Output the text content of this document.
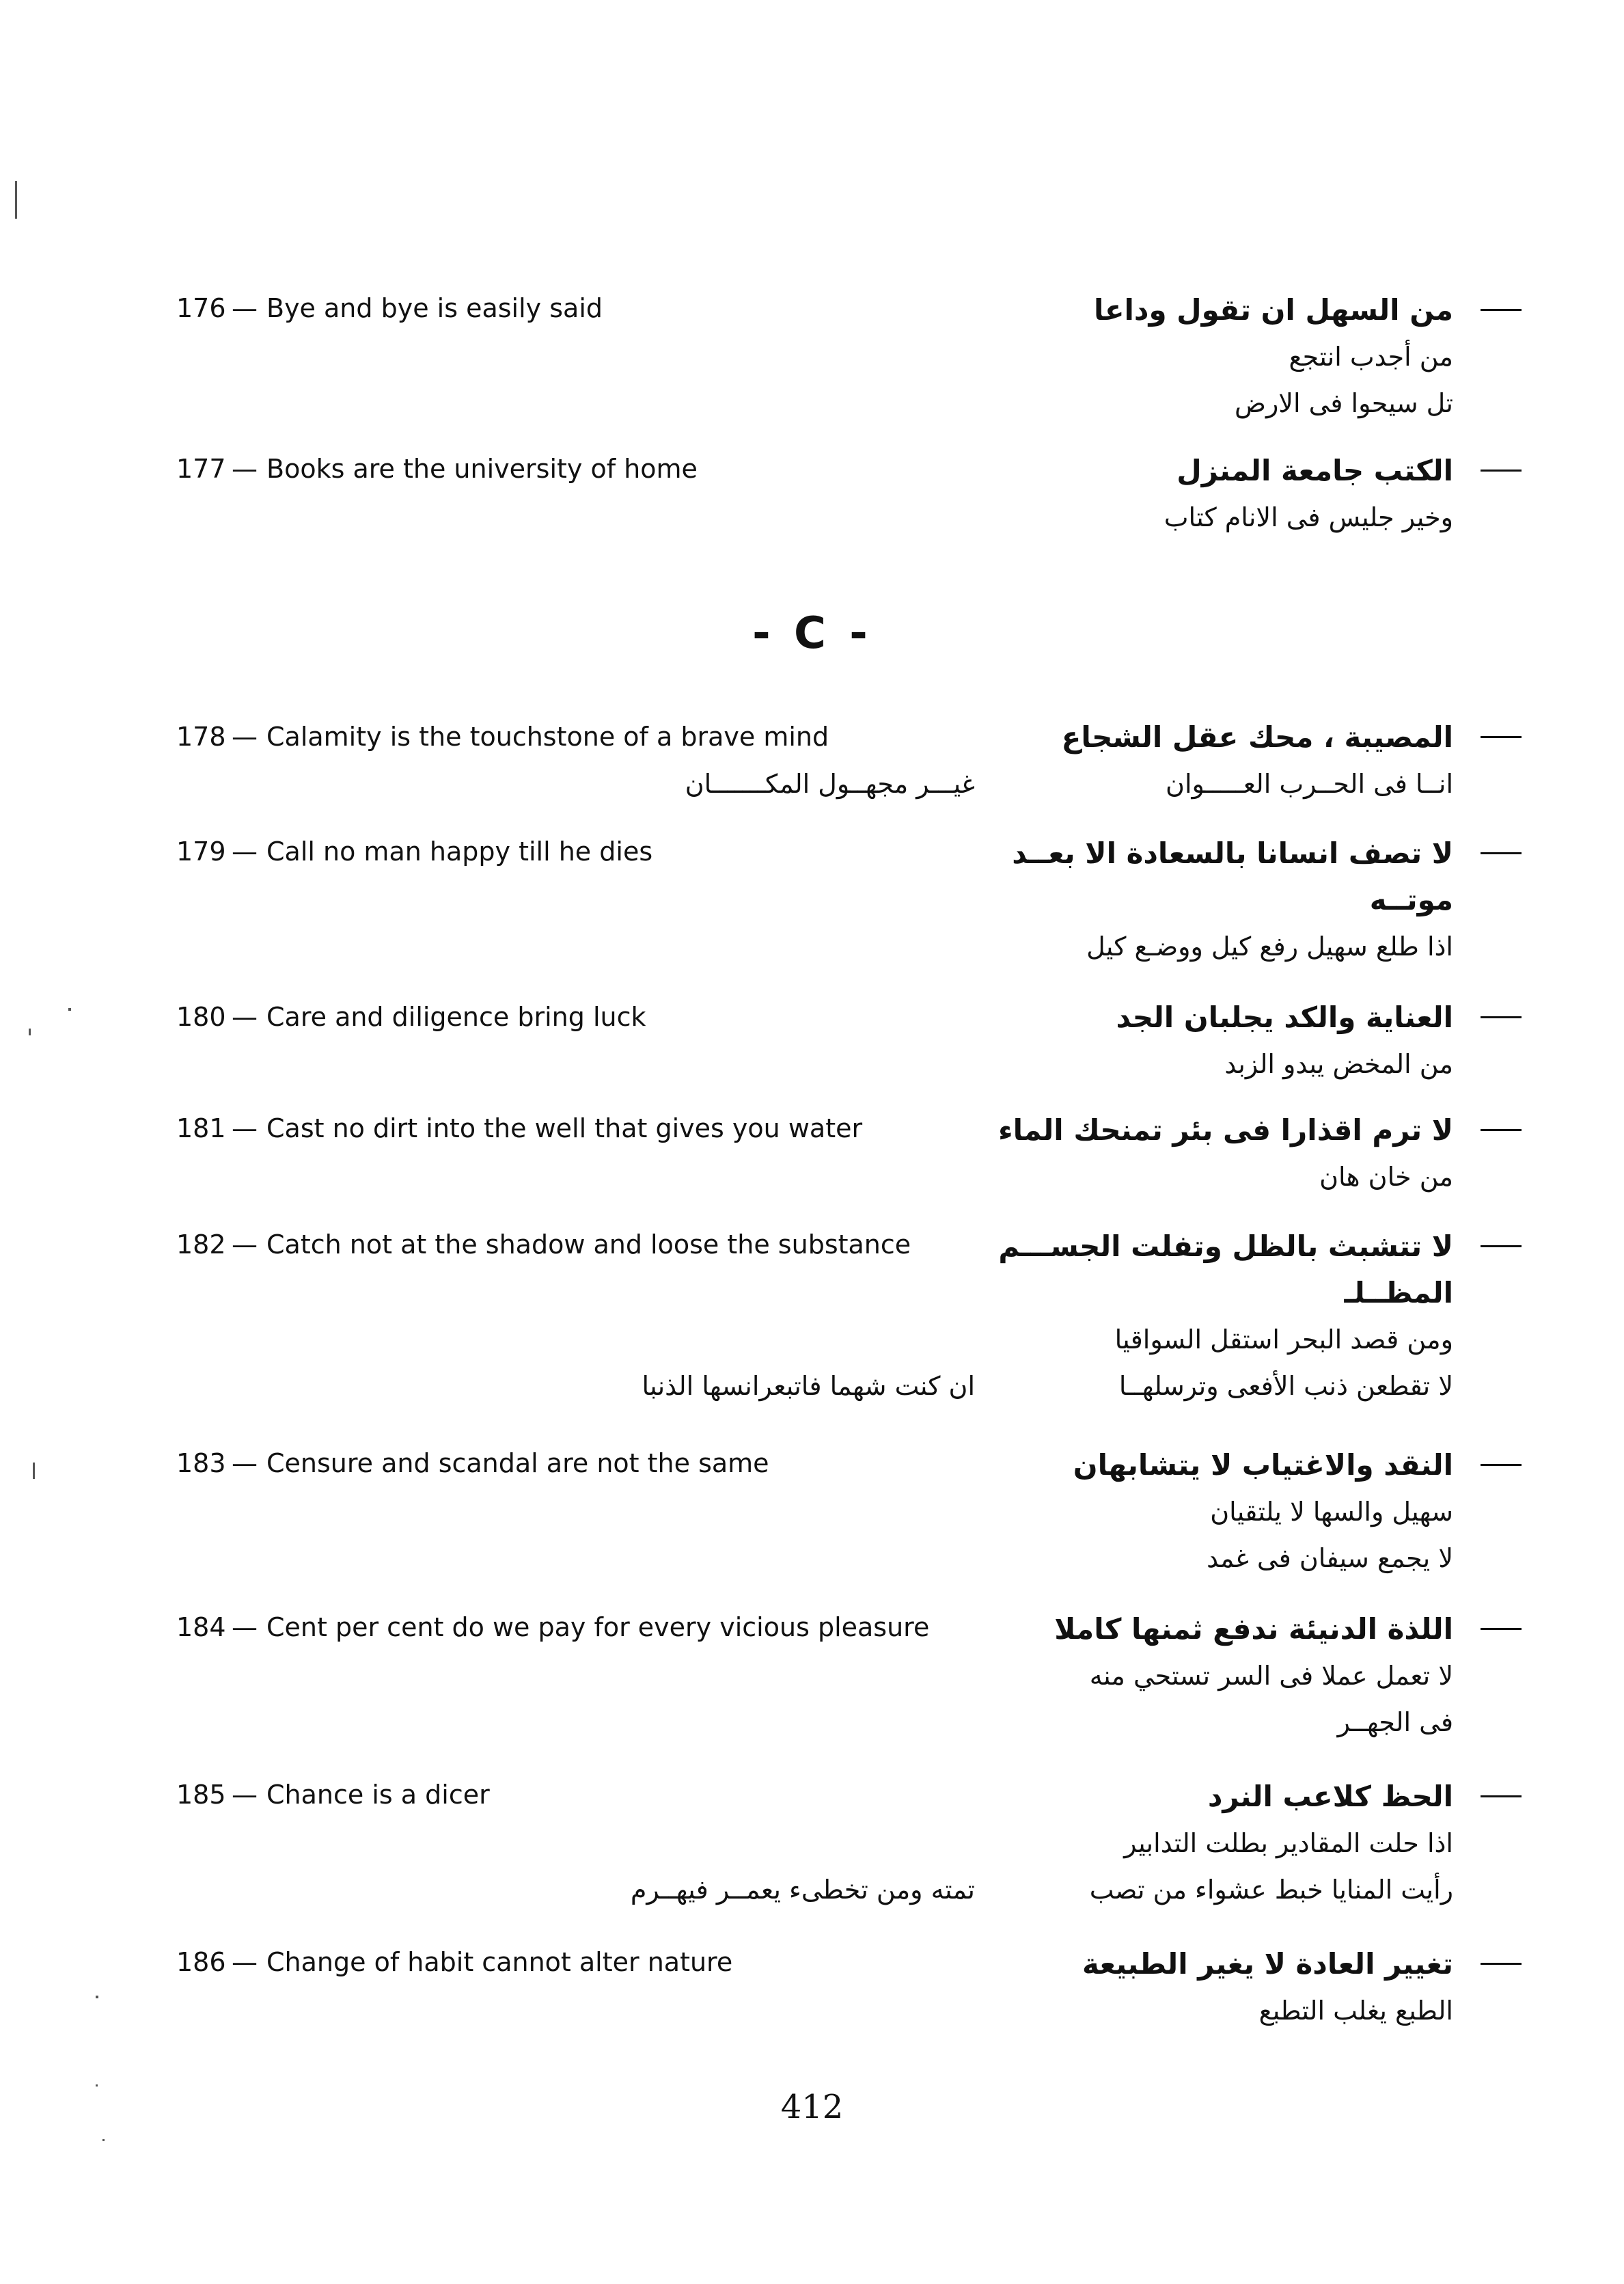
176 — Bye and bye is easily said	من السهل ان تقول وداعا
من أجدب انتجع
تل سيحوا فى الارض
177 — Books are the university of home	الكتب جامعة المنزل
وخير جليس فى الانام كتاب
- C -
178 — Calamity is the touchstone of a brave mind	المصيبة ، محك عقل الشجاع
انــا فى الحــرب العـــــوان
غيـــر مجهــول المكـــــــان
179 — Call no man happy till he dies	لا تصف انسانا بالسعادة الا بعــد موتــه
اذا طلع سهيل رفع كيل ووضـع كيل
180 — Care and diligence bring luck	العناية والكد يجلبان الجد
من المخض يبدو الزبد
181 — Cast no dirt into the well that gives you water	لا ترم اقذارا فى بئر تمنحك الماء
من خان هان
182 — Catch not at the shadow and loose the substance	لا تتشبث بالظل وتفلت الجســـم المظــلـ
ومن قصد البحر استقل السواقيا
لا تقطعن ذنب الأفعى وترسلهــا
ان كنت شهما فاتبعرانسها الذنبا
183 — Censure and scandal are not the same	النقد والاغتياب لا يتشابهان
سهيل والسها لا يلتقيان
لا يجمع سيفان فى غمد
184 — Cent per cent do we pay for every vicious pleasure	اللذة الدنيئة ندفع ثمنها كاملا
لا تعمل عملا فى السر تستحي منه
فى الجهــر
185 — Chance is a dicer	الحظ كلاعب النرد
اذا حلت المقادير بطلت التدابير
رأيت المنايا خبط عشواء من تصب
تمته ومن تخطىء يعمــر فيهــرم
186 — Change of habit cannot alter nature	تغيير العادة لا يغير الطبيعة
الطبع يغلب التطبع
412
